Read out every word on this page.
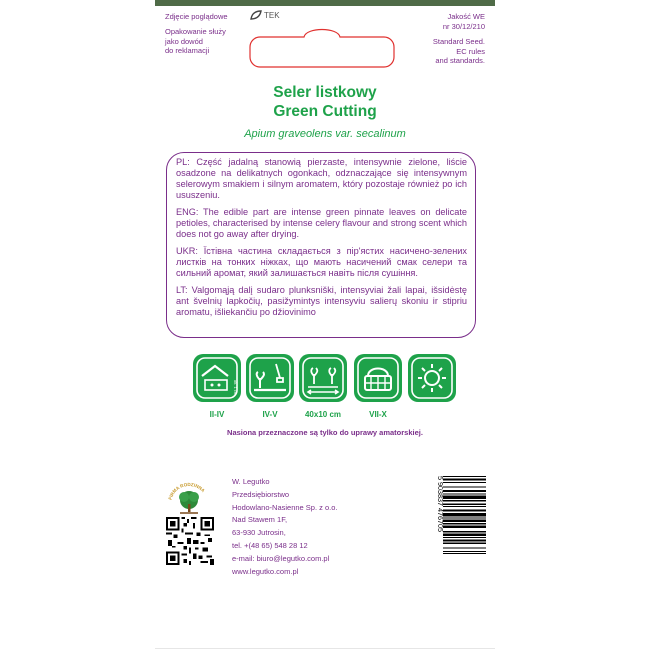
Zdjęcie poglądowe	TEK
Opakowanie służy
jako dowód
do reklamacji
Jakość WE
nr 30/12/210
Standard Seed.
EC rules
and standards.
Seler listkowy
Green Cutting
Apium graveolens var. secalinum

PL: Część jadalną stanowią pierzaste, intensywnie zielone, liście osadzone na delikatnych ogonkach, odznaczające się intensywnym selerowym smakiem i silnym aromatem, który pozostaje również po ich ususzeniu.

ENG: The edible part are intense green pinnate leaves on delicate petioles, characterised by intense celery flavour and strong scent which does not go away after drying.

UKR: Їстівна частина складається з пір'ястих насичено-зелених листків на тонких ніжках, що мають насичений смак селери та сильний аромат, який залишається навіть після сушіння.

LT: Valgomąją dalį sudaro plunksniški, intensyviai žali lapai, išsidėstę ant švelnių lapkočių, pasižymintys intensyviu salierų skoniu ir stipriu aromatu, išliekančiu po džiovinimo

ok. 1 cm
II-IV	IV-V	40x10 cm	VII-X
Nasiona przeznaczone są tylko do uprawy amatorskiej.
FIRMA RODZINNA
W. Legutko
Przedsiębiorstwo
Hodowlano-Nasienne Sp. z o.o.
Nad Stawem 1F,
63-930 Jutrosin,
tel. +(48 65) 548 28 12
e-mail: biuro@legutko.com.pl
www.legutko.com.pl
5 903837 476705
